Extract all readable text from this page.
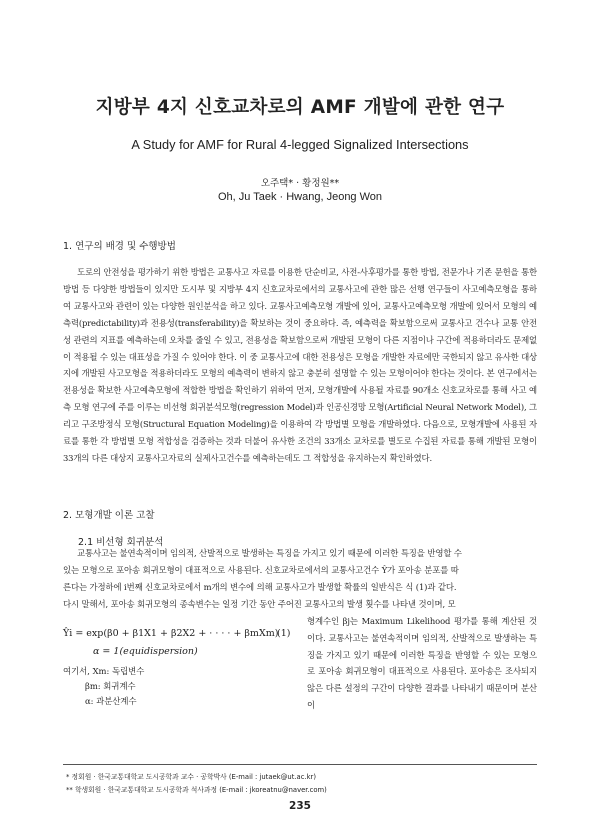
지방부 4지 신호교차로의 AMF 개발에 관한 연구
A Study for AMF for Rural 4-legged Signalized Intersections
오주택* · 황정원**
Oh, Ju Taek · Hwang, Jeong Won
1. 연구의 배경 및 수행방법

도로의 안전성을 평가하기 위한 방법은 교통사고 자료를 이용한 단순비교, 사전-사후평가를 통한 방법, 전문가나 기존 문헌을 통한 방법 등 다양한 방법들이 있지만 도시부 및 지방부 4지 신호교차로에서의 교통사고에 관한 많은 선행 연구들이 사고예측모형을 통하여 교통사고와 관련이 있는 다양한 원인분석을 하고 있다. 교통사고예측모형 개발에 있어, 교통사고예측모형 개발에 있어서 모형의 예측력(predictability)과 전용성(transferability)을 확보하는 것이 중요하다. 즉, 예측력을 확보함으로써 교통사고 건수나 교통 안전성 관련의 지표를 예측하는데 오차를 줄일 수 있고, 전용성을 확보함으로써 개발된 모형이 다른 지점이나 구간에 적용하더라도 문제없이 적용될 수 있는 대표성을 가질 수 있어야 한다. 이 중 교통사고에 대한 전용성은 모형을 개발한 자료에만 국한되지 않고 유사한 대상지에 개발된 사고모형을 적용하더라도 모형의 예측력이 변하지 않고 충분히 설명할 수 있는 모형이어야 한다는 것이다. 본 연구에서는 전용성을 확보한 사고예측모형에 적합한 방법을 확인하기 위하여 먼저, 모형개발에 사용될 자료를 90개소 신호교차로를 통해 사고 예측 모형 연구에 주를 이루는 비선형 회귀분석모형(regression Model)과 인공신경망 모형(Artificial Neural Network Model), 그리고 구조방정식 모형(Structural Equation Modeling)을 이용하여 각 방법별 모형을 개발하였다. 다음으로, 모형개발에 사용된 자료를 통한 각 방법별 모형 적합성을 검증하는 것과 더불어 유사한 조건의 33개소 교차로를 별도로 수집된 자료를 통해 개발된 모형이 33개의 다른 대상지 교통사고자료의 실제사고건수를 예측하는데도 그 적합성을 유지하는지 확인하였다.

2. 모형개발 이론 고찰
2.1 비선형 회귀분석
교통사고는 불연속적이며 임의적, 산발적으로 발생하는 특징을 가지고 있기 때문에 이러한 특징을 반영할 수
있는 모형으로 포아송 회귀모형이 대표적으로 사용된다. 신호교차로에서의 교통사고건수 Ŷ가 포아송 분포를 따
른다는 가정하에 i번째 신호교차로에서 m개의 변수에 의해 교통사고가 발생할 확률의 일반식은 식 (1)과 같다.
다시 말해서, 포아송 회귀모형의 종속변수는 일정 기간 동안 주어진 교통사고의 발생 횟수를 나타낸 것이며, 모

형계수인 βj는 Maximum Likelihood 평가를 통해 계산된 것이다. 교통사고는 불연속적이며 임의적, 산발적으로 발생하는 특징을 가지고 있기 때문에 이러한 특징을 반영할 수 있는 모형으로 포아송 회귀모형이 대표적으로 사용된다. 포아송은 조사되지 않은 다른 설정의 구간이 다양한 결과를 나타내기 때문이며 분산이

Ŷi = exp(β0 + β1X1 + β2X2 + · · · · + βmXm)
(1)
α = 1(equidispersion)
여기서, Xm: 독립변수
βm: 회귀계수
α: 과분산계수
* 정회원 · 한국교통대학교 도시공학과 교수 · 공학박사 (E-mail : jutaek@ut.ac.kr)
** 학생회원 · 한국교통대학교 도시공학과 석사과정 (E-mail : jkoreatnu@naver.com)
235
